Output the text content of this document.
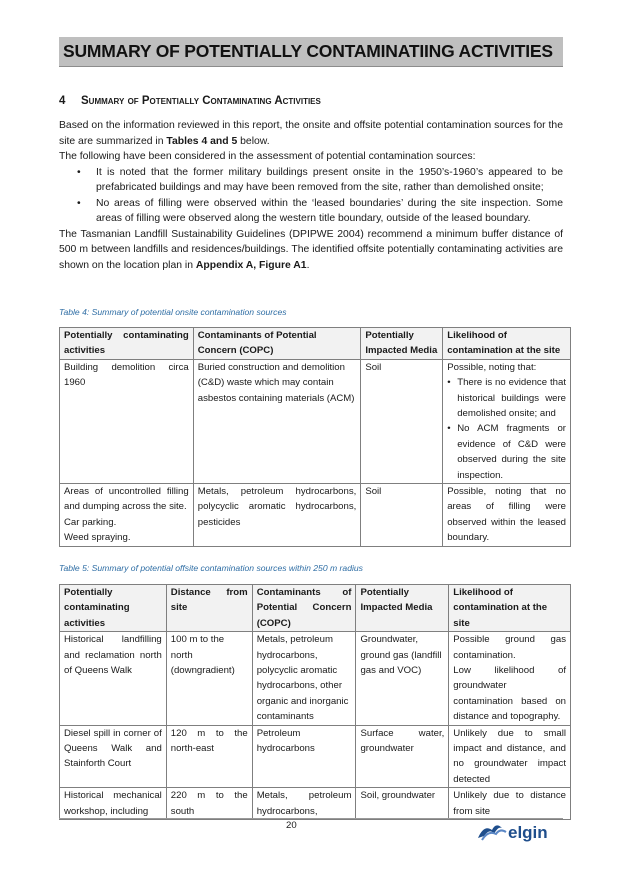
SUMMARY OF POTENTIALLY CONTAMINATIING ACTIVITIES
4 Summary of Potentially Contaminating Activities

Based on the information reviewed in this report, the onsite and offsite potential contamination sources for the site are summarized in Tables 4 and 5 below.

The following have been considered in the assessment of potential contamination sources:

• It is noted that the former military buildings present onsite in the 1950’s-1960’s appeared to be prefabricated buildings and may have been removed from the site, rather than demolished onsite;
• No areas of filling were observed within the ‘leased boundaries’ during the site inspection. Some areas of filling were observed along the western title boundary, outside of the leased boundary.

The Tasmanian Landfill Sustainability Guidelines (DPIPWE 2004) recommend a minimum buffer distance of 500 m between landfills and residences/buildings. The identified offsite potentially contaminating activities are shown on the location plan in Appendix A, Figure A1.

Table 4: Summary of potential onsite contamination sources
Potentially contaminating activities	Contaminants of Potential Concern (COPC)	Potentially Impacted Media	Likelihood of contamination at the site
Building demolition circa 1960	Buried construction and demolition (C&D) waste which may contain asbestos containing materials (ACM)	Soil	Possible, noting that:
• There is no evidence that historical buildings were demolished onsite; and
• No ACM fragments or evidence of C&D were observed during the site inspection.

Areas of uncontrolled filling and dumping across the site.
Car parking.
Weed spraying.	Metals, petroleum hydrocarbons, polycyclic aromatic hydrocarbons, pesticides	Soil	Possible, noting that no areas of filling were observed within the leased boundary.
Table 5: Summary of potential offsite contamination sources within 250 m radius
Potentially contaminating activities	Distance from site	Contaminants of Potential Concern (COPC)	Potentially Impacted Media	Likelihood of contamination at the site
Historical landfilling and reclamation north of Queens Walk	100 m to the north (downgradient)	Metals, petroleum hydrocarbons, polycyclic aromatic hydrocarbons, other organic and inorganic contaminants	Groundwater, ground gas (landfill gas and VOC)	Possible ground gas contamination.
Low likelihood of groundwater contamination based on distance and topography.
Diesel spill in corner of Queens Walk and Stainforth Court	120 m to the north-east	Petroleum hydrocarbons	Surface water, groundwater	Unlikely due to small impact and distance, and no groundwater impact detected
Historical mechanical workshop, including	220 m to the south	Metals, petroleum hydrocarbons,	Soil, groundwater	Unlikely due to distance from site
20	elgin
